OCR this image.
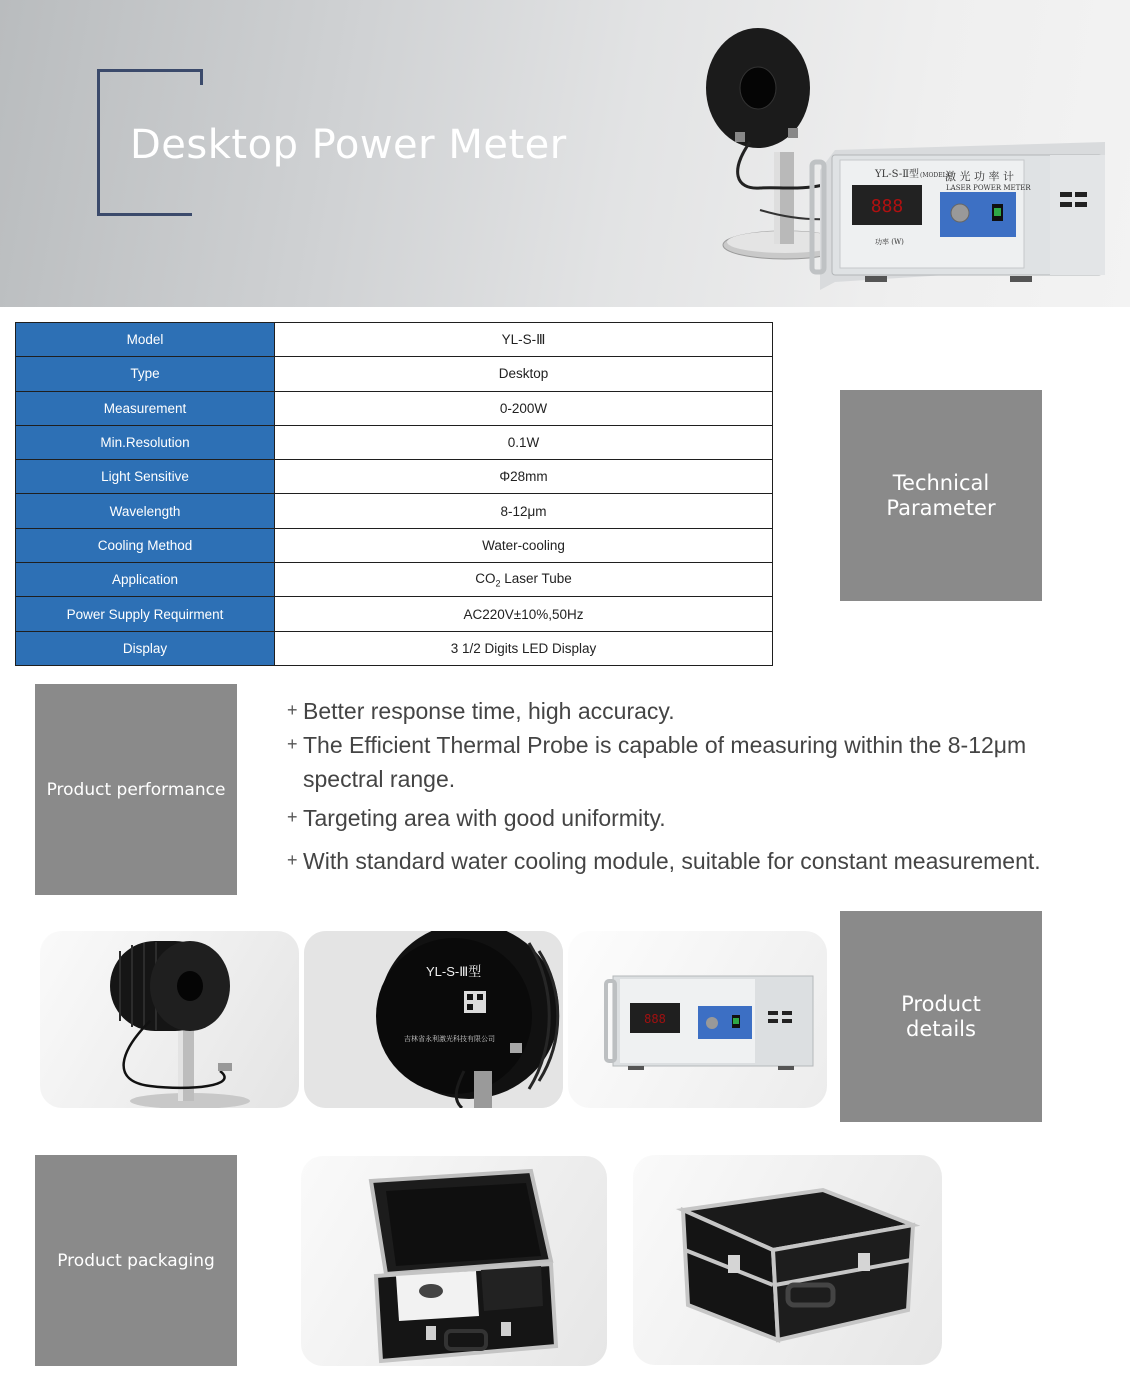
Desktop Power Meter
888
YL-S-Ⅱ型 (MODEL)
激 光 功 率 计
LASER POWER METER
功率 (W)
Model	YL-S-Ⅲ
Type	Desktop
Measurement	0-200W
Min.Resolution	0.1W
Light Sensitive	Φ28mm
Wavelength	8-12μm
Cooling Method	Water-cooling
Application	$CO_2$ Laser Tube
Power Supply Requirment	AC220V±10%,50Hz
Display	3 1/2 Digits LED Display
Technical
Parameter
Product performance
+ Better response time, high accuracy.
+ The Efficient Thermal Probe is capable of measuring within the 8-12μm spectral range.
+ Targeting area with good uniformity.
+ With standard water cooling module, suitable for constant measurement.
YL-S-Ⅲ型
吉林省永利激光科技有限公司
888
Product
details
Product packaging
